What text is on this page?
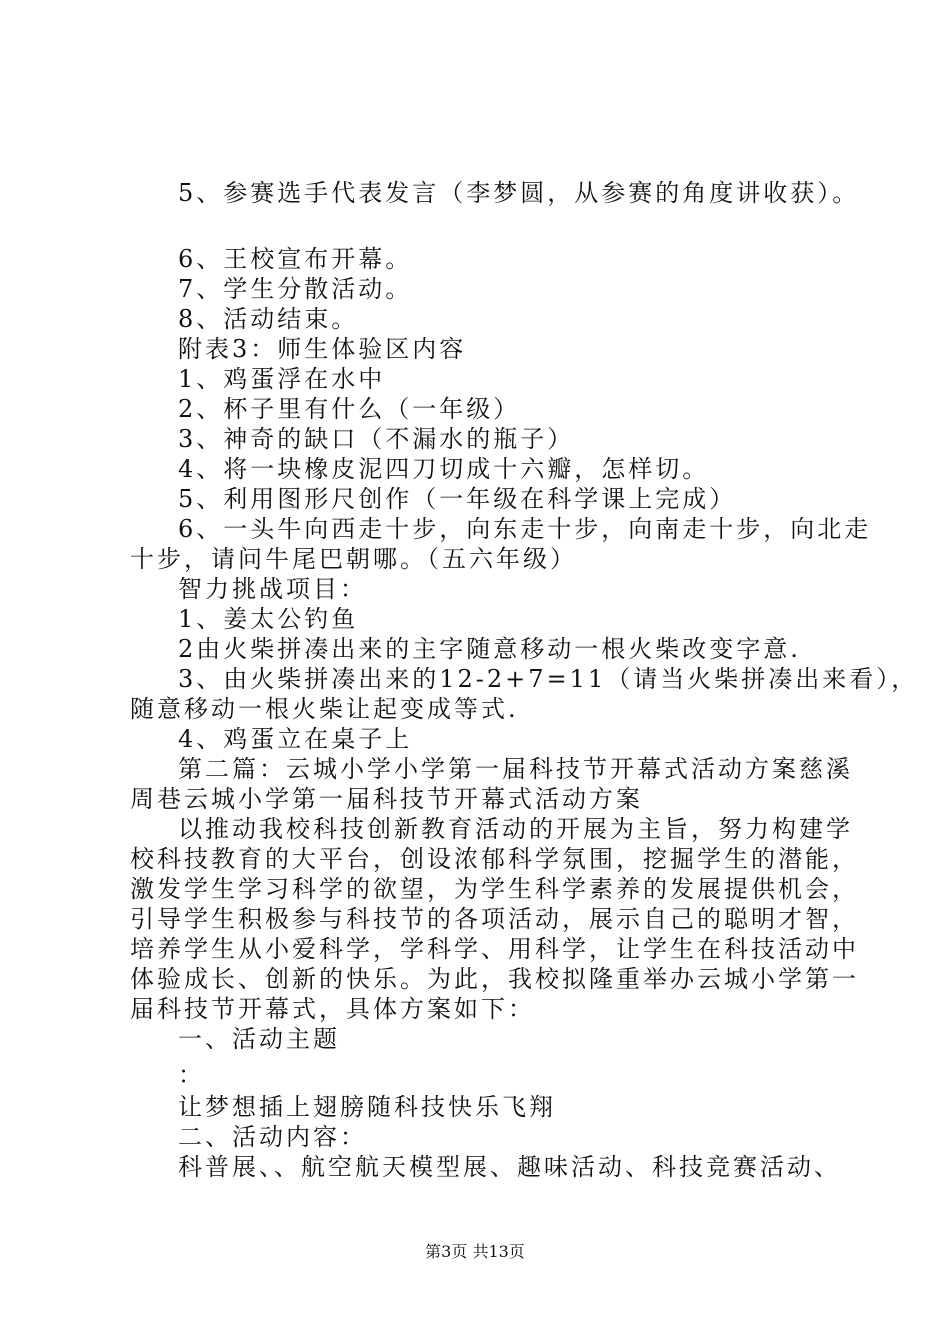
5、参赛选手代表发言（李梦圆，从参赛的角度讲收获）。
6、王校宣布开幕。
7、学生分散活动。
8、活动结束。
附表3：师生体验区内容
1、鸡蛋浮在水中
2、杯子里有什么（一年级）
3、神奇的缺口（不漏水的瓶子）
4、将一块橡皮泥四刀切成十六瓣，怎样切。
5、利用图形尺创作（一年级在科学课上完成）
6、一头牛向西走十步，向东走十步，向南走十步，向北走
十步，请问牛尾巴朝哪。（五六年级）
智力挑战项目：
1、姜太公钓鱼
2由火柴拼凑出来的主字随意移动一根火柴改变字意.
3、由火柴拼凑出来的12-2+7=11（请当火柴拼凑出来看），
随意移动一根火柴让起变成等式.
4、鸡蛋立在桌子上
第二篇：云城小学小学第一届科技节开幕式活动方案慈溪
周巷云城小学第一届科技节开幕式活动方案
以推动我校科技创新教育活动的开展为主旨，努力构建学
校科技教育的大平台，创设浓郁科学氛围，挖掘学生的潜能，
激发学生学习科学的欲望，为学生科学素养的发展提供机会，
引导学生积极参与科技节的各项活动，展示自己的聪明才智，
培养学生从小爱科学，学科学、用科学，让学生在科技活动中
体验成长、创新的快乐。为此，我校拟隆重举办云城小学第一
届科技节开幕式，具体方案如下：
一、活动主题
：
让梦想插上翅膀随科技快乐飞翔
二、活动内容：
科普展、、航空航天模型展、趣味活动、科技竞赛活动、
第3页 共13页
